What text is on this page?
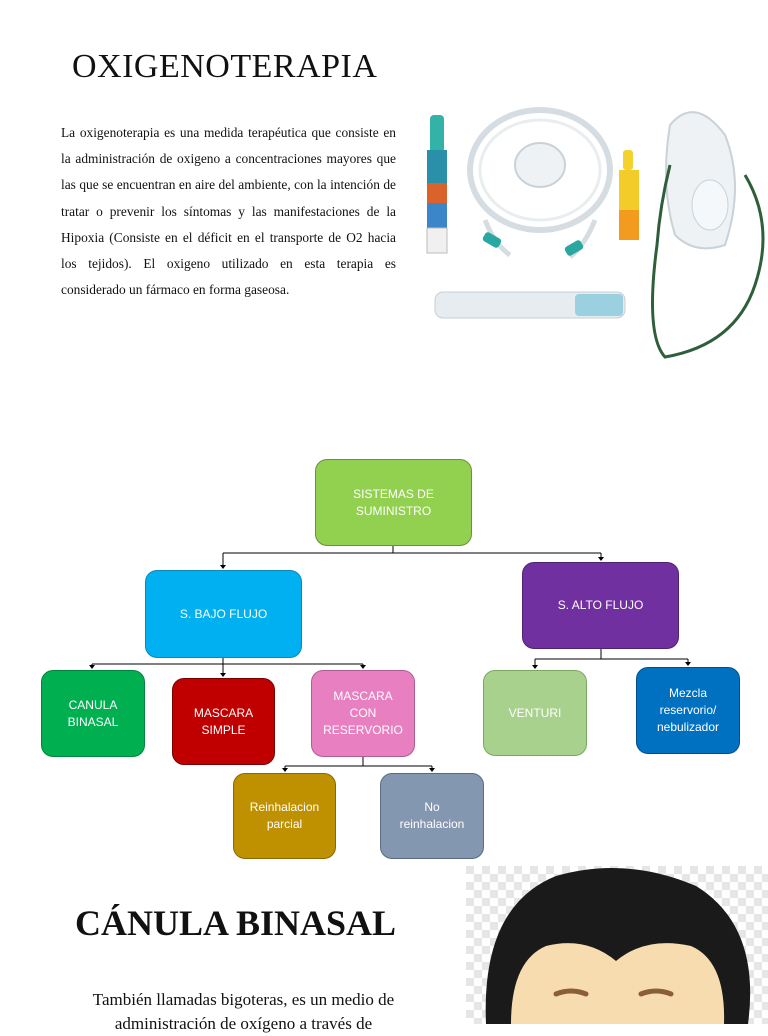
OXIGENOTERAPIA
La oxigenoterapia es una medida terapéutica que consiste en la administración de oxigeno a concentraciones mayores que las que se encuentran en aire del ambiente, con la intención de tratar o prevenir los síntomas y las manifestaciones de la Hipoxia (Consiste en el déficit en el transporte de O2 hacia los tejidos). El oxigeno utilizado en esta terapia es considerado un fármaco en forma gaseosa.
SISTEMAS DE
SUMINISTRO
S. BAJO FLUJO
S. ALTO FLUJO
CANULA
BINASAL
MASCARA
SIMPLE
MASCARA
CON
RESERVORIO
VENTURI
Mezcla
reservorio/
nebulizador
Reinhalacion
parcial
No
reinhalacion
CÁNULA BINASAL
También llamadas bigoteras, es un medio de administración de oxígeno a través de
